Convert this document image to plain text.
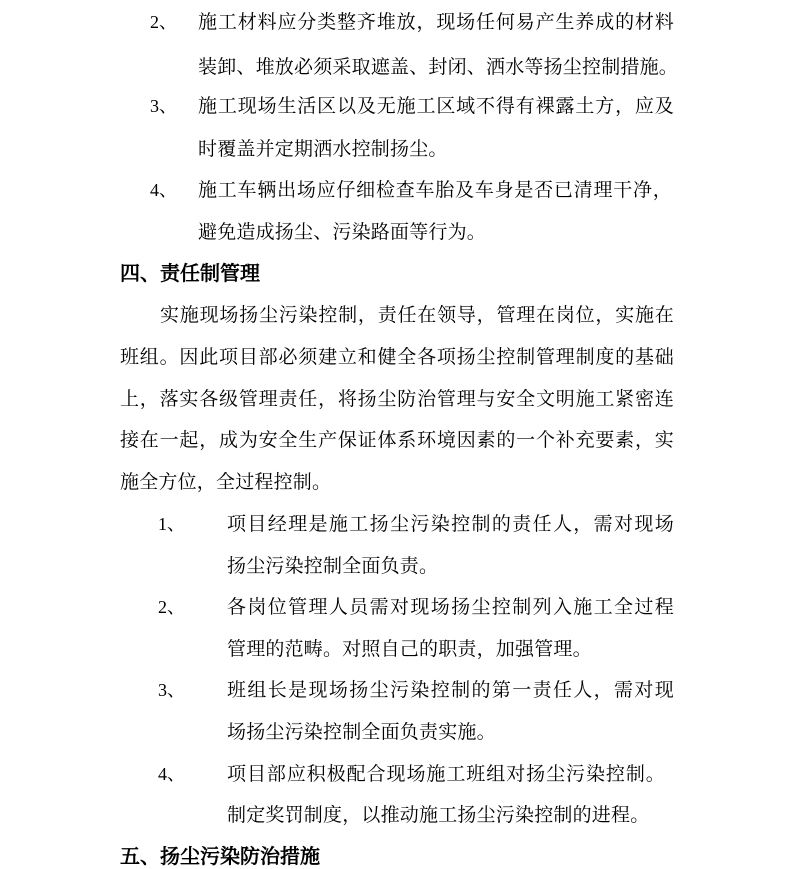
2、 施工材料应分类整齐堆放，现场任何易产生养成的材料
装卸、堆放必须采取遮盖、封闭、洒水等扬尘控制措施。
3、 施工现场生活区以及无施工区域不得有裸露土方，应及
时覆盖并定期洒水控制扬尘。
4、 施工车辆出场应仔细检查车胎及车身是否已清理干净，
避免造成扬尘、污染路面等行为。
四、责任制管理
实施现场扬尘污染控制，责任在领导，管理在岗位，实施在
班组。因此项目部必须建立和健全各项扬尘控制管理制度的基础
上，落实各级管理责任，将扬尘防治管理与安全文明施工紧密连
接在一起，成为安全生产保证体系环境因素的一个补充要素，实
施全方位，全过程控制。
1、 项目经理是施工扬尘污染控制的责任人，需对现场
扬尘污染控制全面负责。
2、 各岗位管理人员需对现场扬尘控制列入施工全过程
管理的范畴。对照自己的职责，加强管理。
3、 班组长是现场扬尘污染控制的第一责任人，需对现
场扬尘污染控制全面负责实施。
4、 项目部应积极配合现场施工班组对扬尘污染控制。
制定奖罚制度，以推动施工扬尘污染控制的进程。
五、扬尘污染防治措施
